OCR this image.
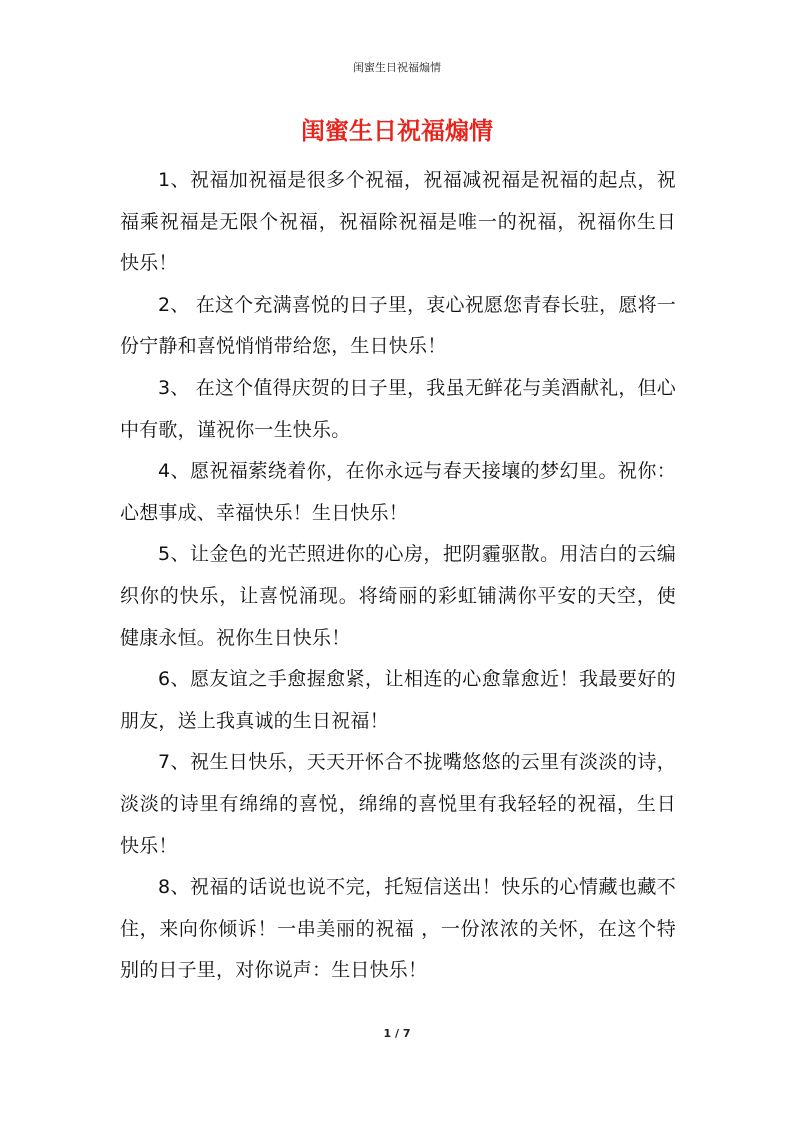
闺蜜生日祝福煽情
闺蜜生日祝福煽情

1、祝福加祝福是很多个祝福，祝福减祝福是祝福的起点，祝福乘祝福是无限个祝福，祝福除祝福是唯一的祝福，祝福你生日快乐！

2、 在这个充满喜悦的日子里，衷心祝愿您青春长驻，愿将一份宁静和喜悦悄悄带给您，生日快乐！

3、 在这个值得庆贺的日子里，我虽无鲜花与美酒献礼，但心中有歌，谨祝你一生快乐。

4、愿祝福萦绕着你，在你永远与春天接壤的梦幻里。祝你：心想事成、幸福快乐！生日快乐！

5、让金色的光芒照进你的心房，把阴霾驱散。用洁白的云编织你的快乐，让喜悦涌现。将绮丽的彩虹铺满你平安的天空，使健康永恒。祝你生日快乐！

6、愿友谊之手愈握愈紧，让相连的心愈靠愈近！我最要好的朋友，送上我真诚的生日祝福！

7、祝生日快乐，天天开怀合不拢嘴悠悠的云里有淡淡的诗，淡淡的诗里有绵绵的喜悦，绵绵的喜悦里有我轻轻的祝福，生日快乐！

8、祝福的话说也说不完，托短信送出！快乐的心情藏也藏不住，来向你倾诉！一串美丽的祝福 ，一份浓浓的关怀，在这个特别的日子里，对你说声：生日快乐！

1 / 7
